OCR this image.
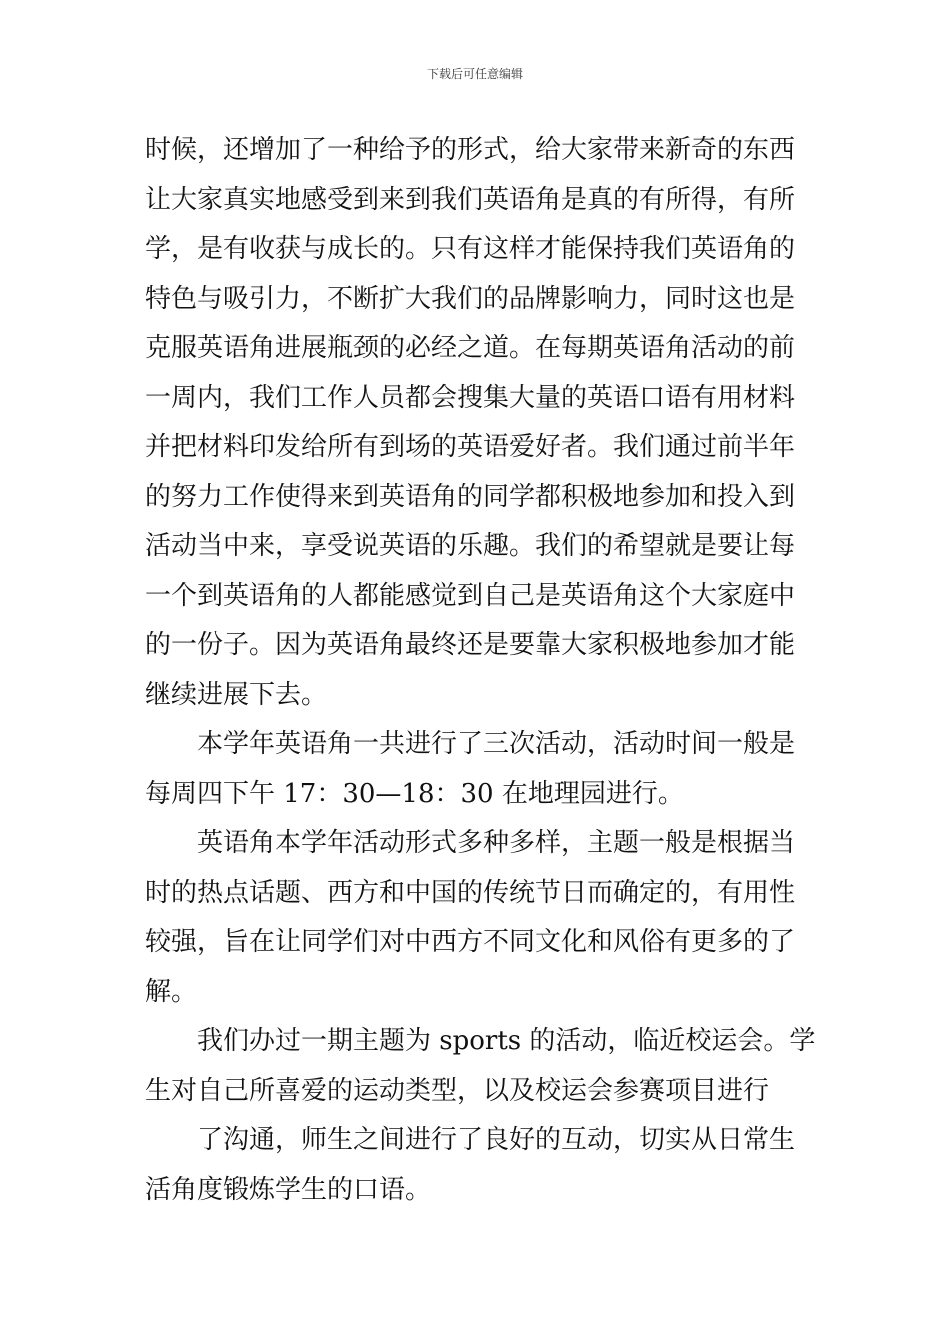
下载后可任意编辑
时候，还增加了一种给予的形式，给大家带来新奇的东西
让大家真实地感受到来到我们英语角是真的有所得，有所
学，是有收获与成长的。只有这样才能保持我们英语角的
特色与吸引力，不断扩大我们的品牌影响力，同时这也是
克服英语角进展瓶颈的必经之道。在每期英语角活动的前
一周内，我们工作人员都会搜集大量的英语口语有用材料
并把材料印发给所有到场的英语爱好者。我们通过前半年
的努力工作使得来到英语角的同学都积极地参加和投入到
活动当中来，享受说英语的乐趣。我们的希望就是要让每
一个到英语角的人都能感觉到自己是英语角这个大家庭中
的一份子。因为英语角最终还是要靠大家积极地参加才能
继续进展下去。
本学年英语角一共进行了三次活动，活动时间一般是
每周四下午 17：30—18：30 在地理园进行。
英语角本学年活动形式多种多样，主题一般是根据当
时的热点话题、西方和中国的传统节日而确定的，有用性
较强，旨在让同学们对中西方不同文化和风俗有更多的了
解。
我们办过一期主题为 sports 的活动，临近校运会。学
生对自己所喜爱的运动类型，以及校运会参赛项目进行
了沟通，师生之间进行了良好的互动，切实从日常生
活角度锻炼学生的口语。
